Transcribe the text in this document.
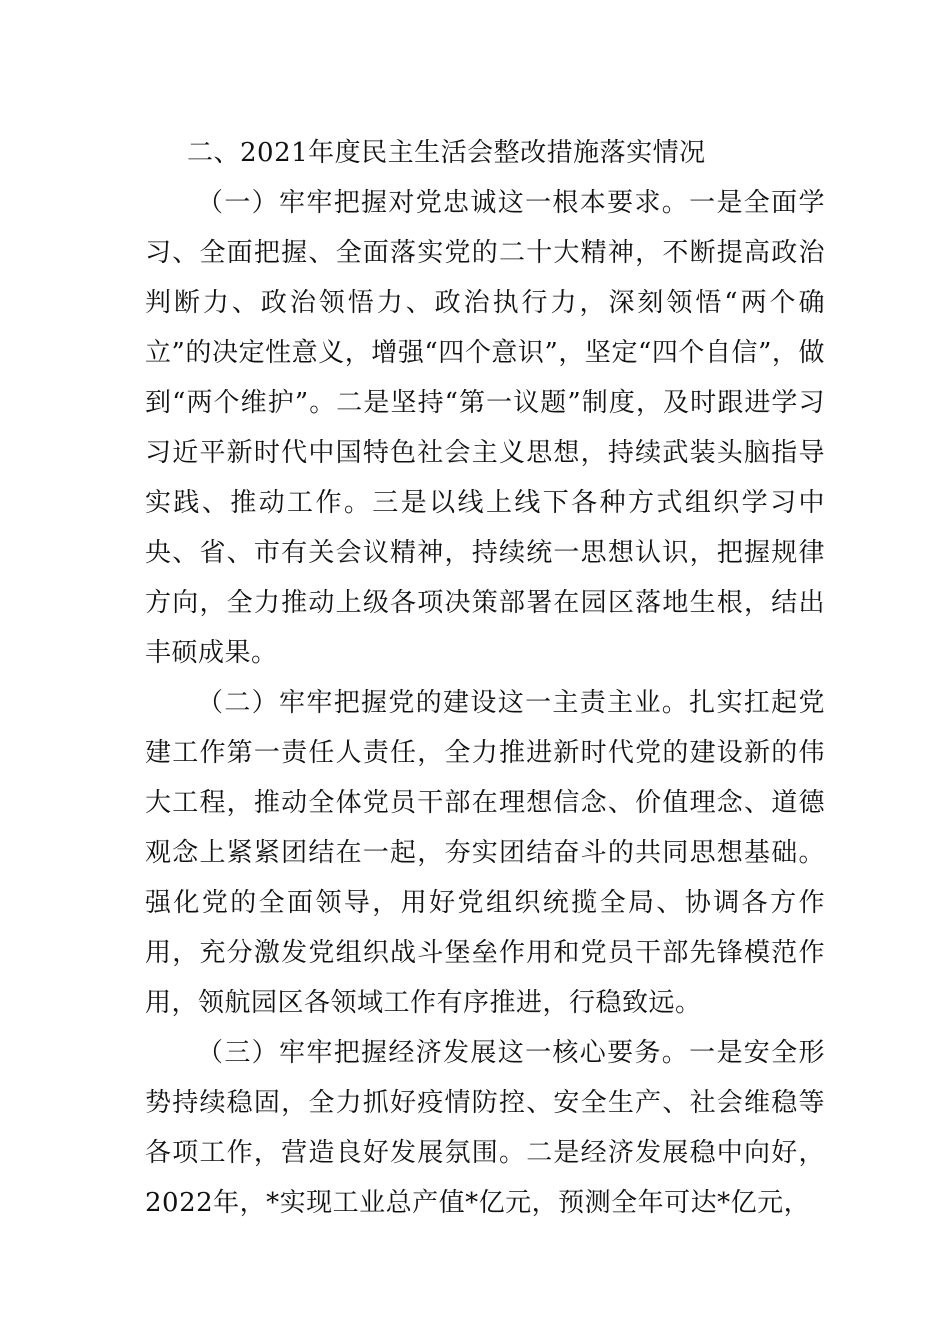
二、2021年度民主生活会整改措施落实情况

（一）牢牢把握对党忠诚这一根本要求。一是全面学习、全面把握、全面落实党的二十大精神，不断提高政治判断力、政治领悟力、政治执行力，深刻领悟“两个确立”的决定性意义，增强“四个意识”，坚定“四个自信”，做到“两个维护”。二是坚持“第一议题”制度，及时跟进学习习近平新时代中国特色社会主义思想，持续武装头脑指导实践、推动工作。三是以线上线下各种方式组织学习中央、省、市有关会议精神，持续统一思想认识，把握规律方向，全力推动上级各项决策部署在园区落地生根，结出丰硕成果。

（二）牢牢把握党的建设这一主责主业。扎实扛起党建工作第一责任人责任，全力推进新时代党的建设新的伟大工程，推动全体党员干部在理想信念、价值理念、道德观念上紧紧团结在一起，夯实团结奋斗的共同思想基础。强化党的全面领导，用好党组织统揽全局、协调各方作用，充分激发党组织战斗堡垒作用和党员干部先锋模范作用，领航园区各领域工作有序推进，行稳致远。

（三）牢牢把握经济发展这一核心要务。一是安全形势持续稳固，全力抓好疫情防控、安全生产、社会维稳等各项工作，营造良好发展氛围。二是经济发展稳中向好，2022年，*实现工业总产值*亿元，预测全年可达*亿元，
